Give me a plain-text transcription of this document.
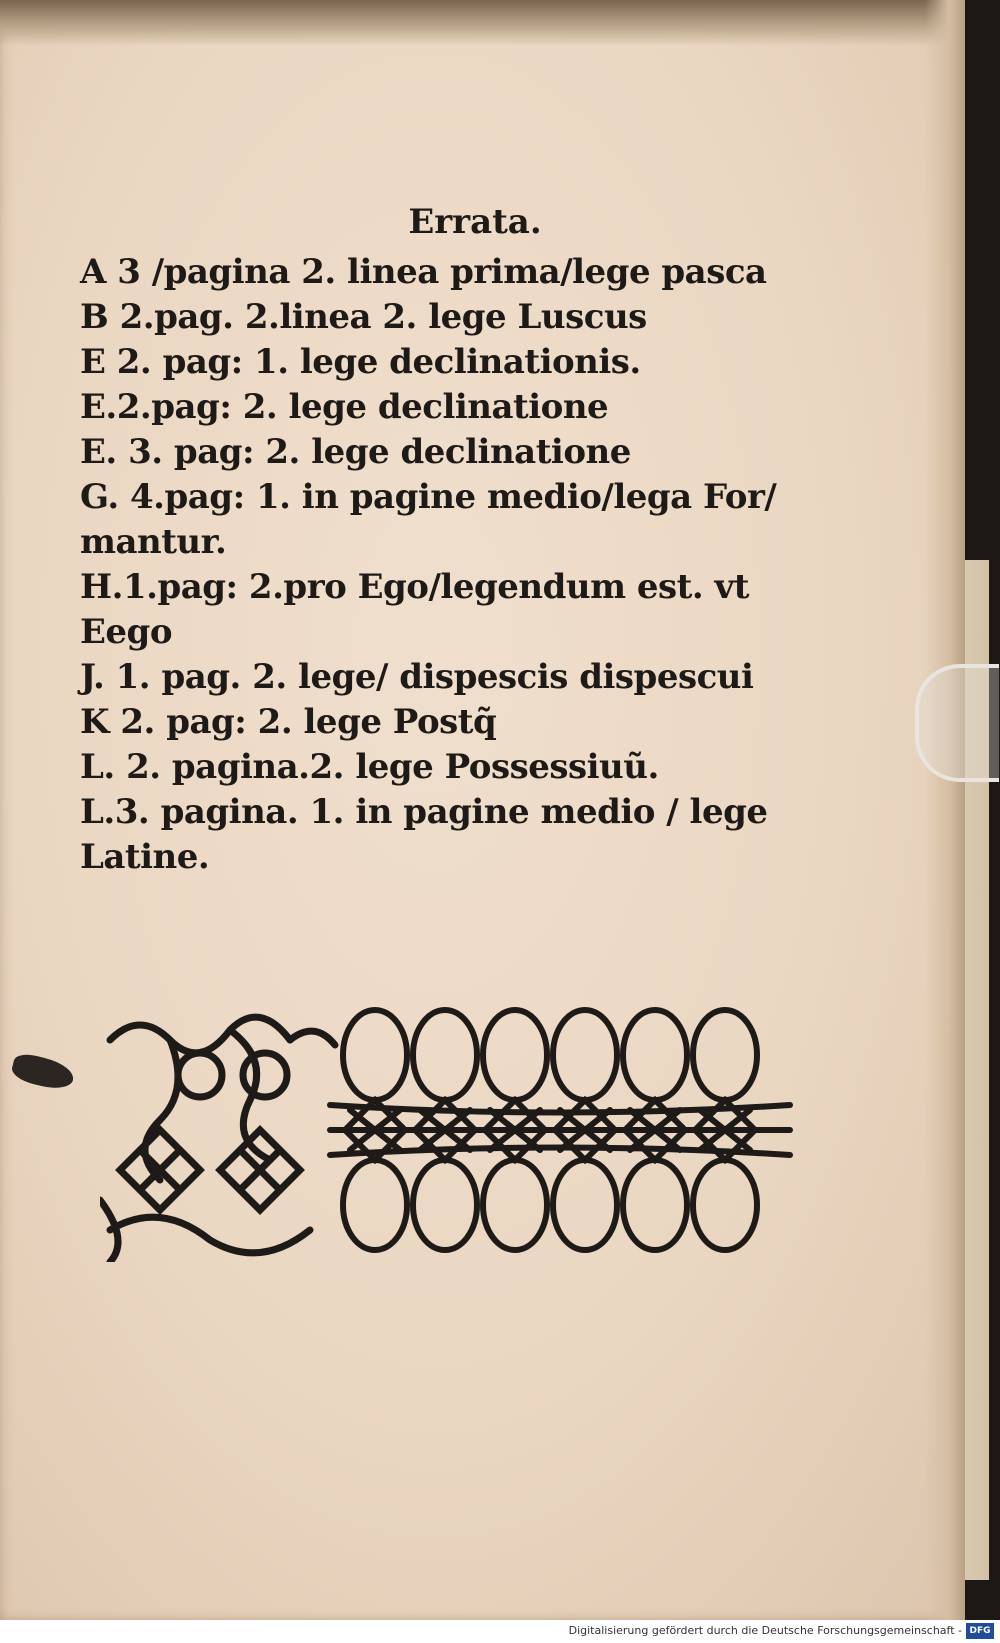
Errata.
A 3 /pagina 2. linea prima/lege pasca
B 2.pag. 2.linea 2. lege Luscus
E 2. pag: 1. lege declinationis.
E.2.pag: 2. lege declinatione
E. 3. pag: 2. lege declinatione
G. 4.pag: 1. in pagine medio/lega For/
mantur.
H.1.pag: 2.pro Ego/legendum est. vt
Eego
J. 1. pag. 2. lege/ dispescis dispescui
K 2. pag: 2. lege Postq̃
L. 2. pagina.2. lege Possessiuũ.
L.3. pagina. 1. in pagine medio / lege
Latine.
Digitalisierung gefördert durch die Deutsche Forschungsgemeinschaft - DFG
